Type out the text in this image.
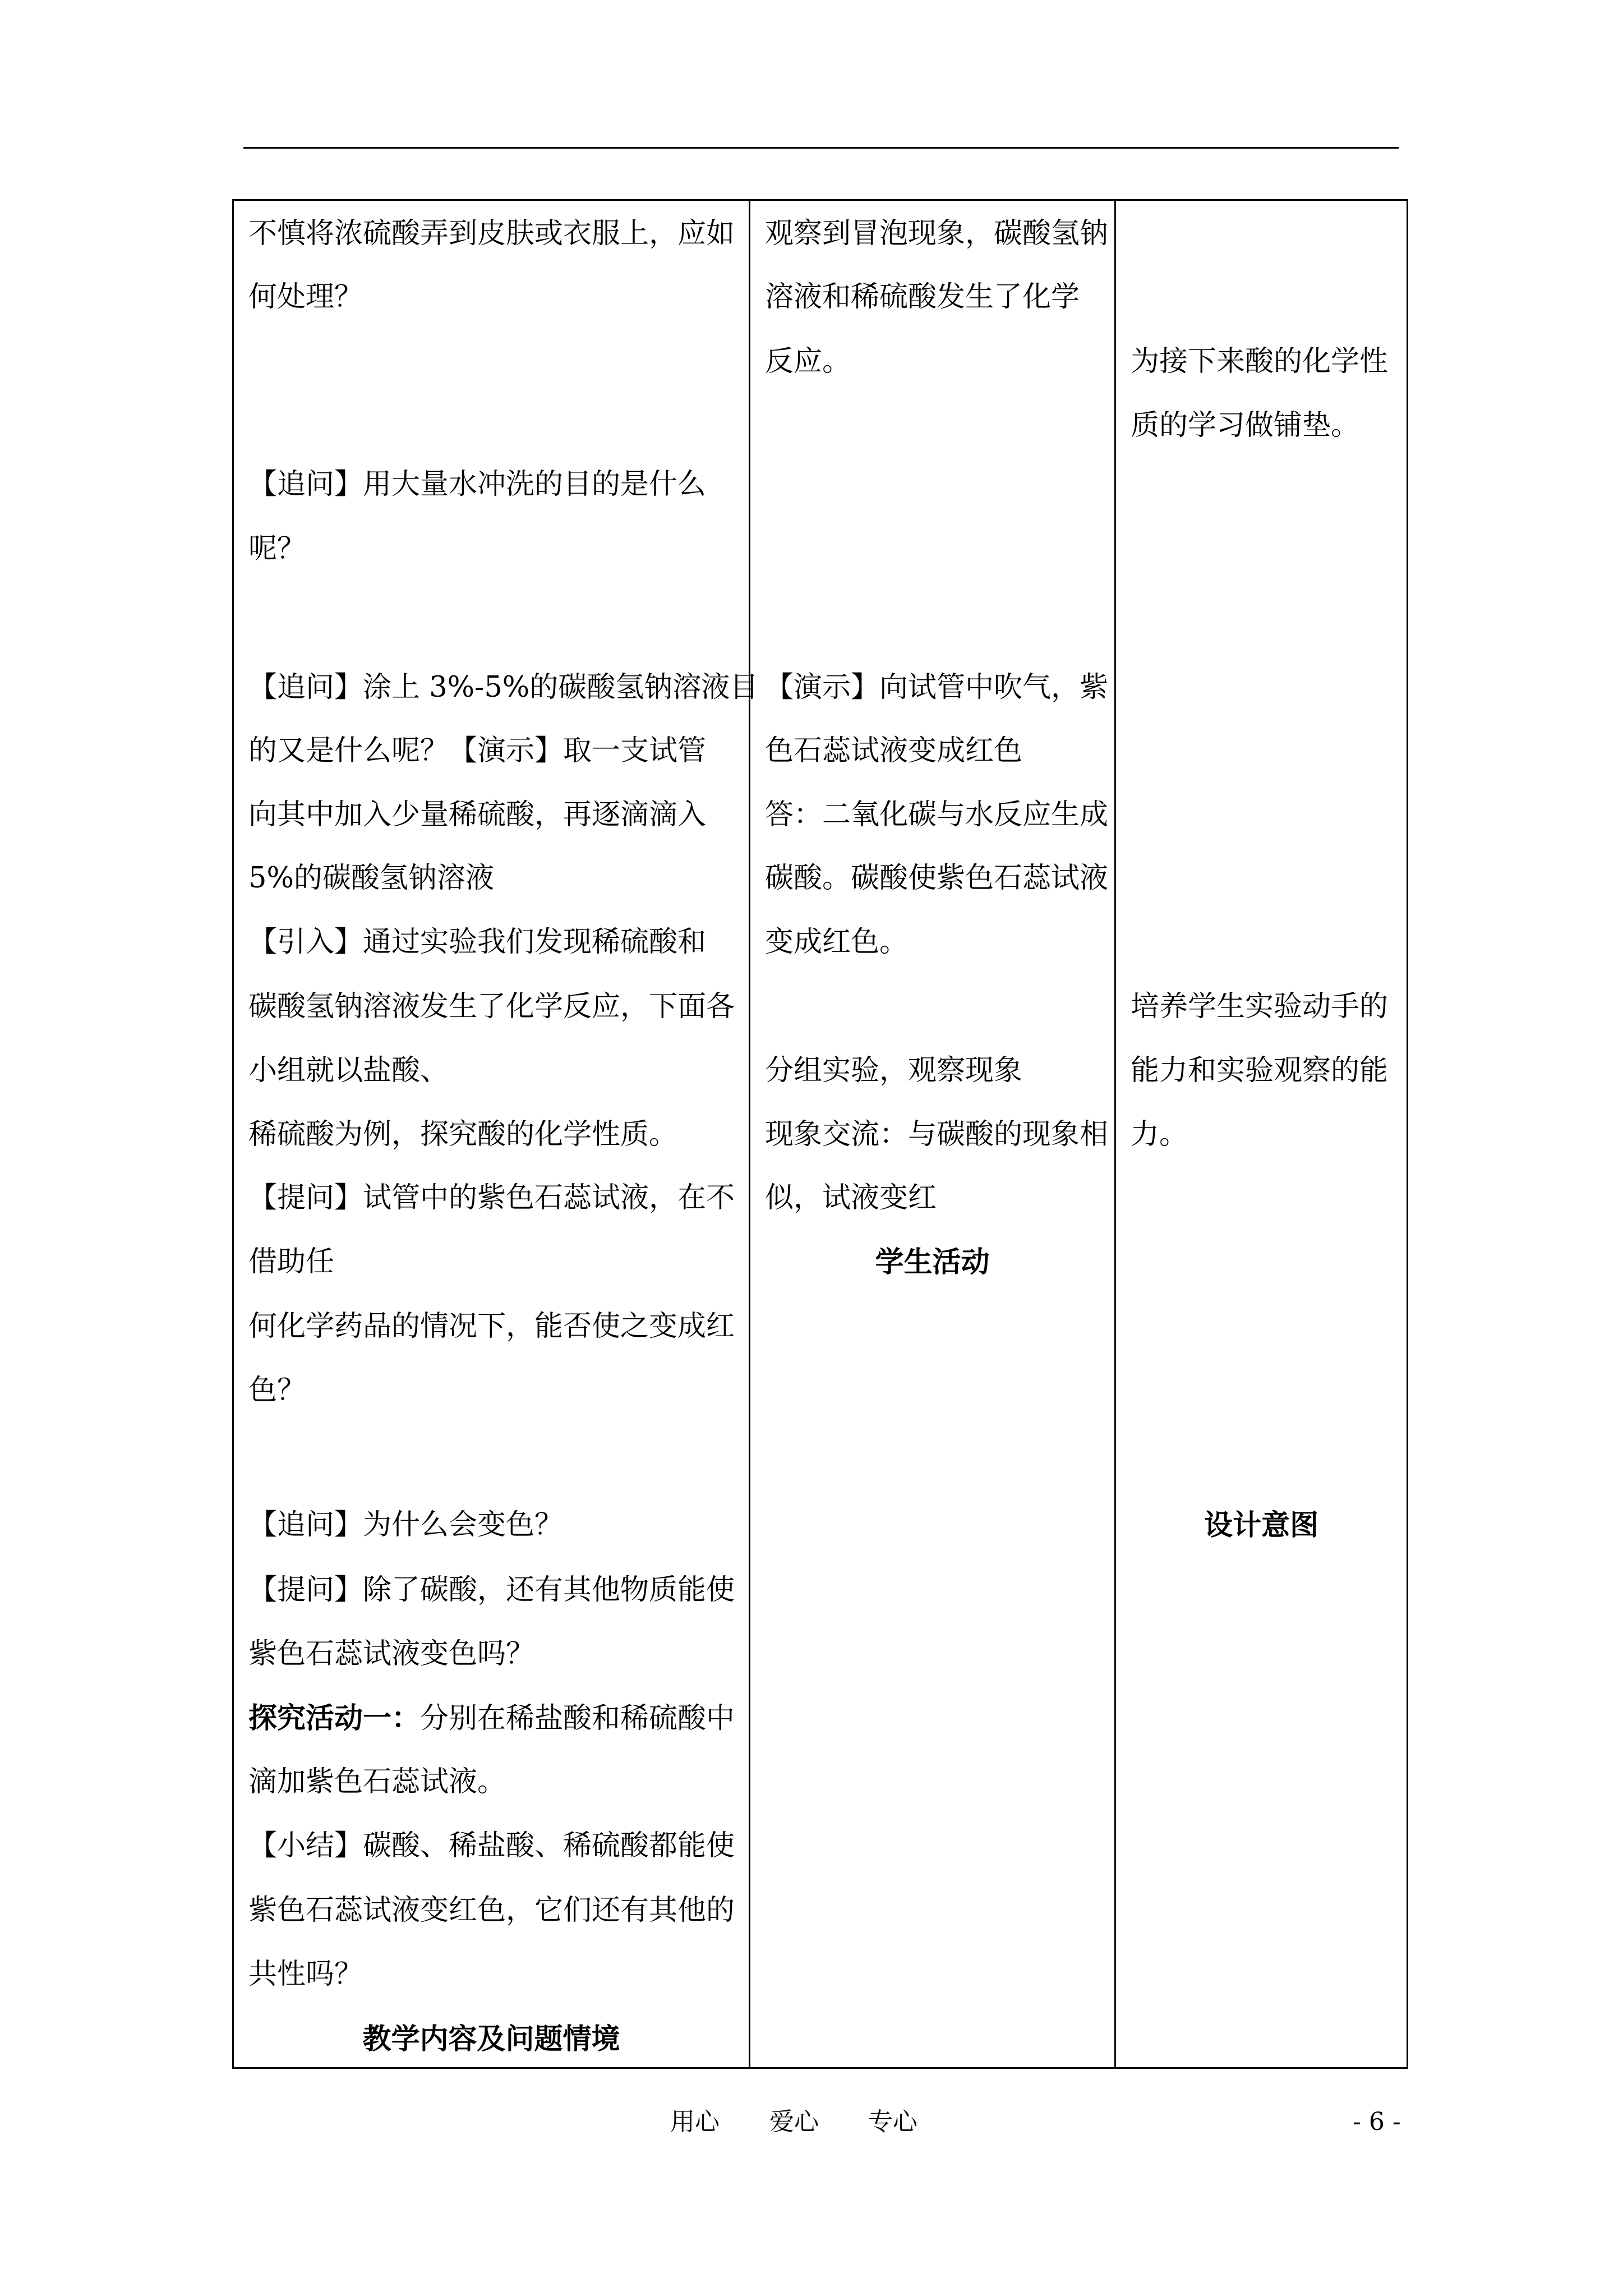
不慎将浓硫酸弄到皮肤或衣服上，应如
何处理？
【追问】用大量水冲洗的目的是什么
呢？
【追问】涂上 3%-5%的碳酸氢钠溶液目
的又是什么呢？【演示】取一支试管
向其中加入少量稀硫酸，再逐滴滴入
5%的碳酸氢钠溶液
【引入】通过实验我们发现稀硫酸和
碳酸氢钠溶液发生了化学反应，下面各
小组就以盐酸、
稀硫酸为例，探究酸的化学性质。
【提问】试管中的紫色石蕊试液，在不
借助任
何化学药品的情况下，能否使之变成红
色？
【追问】为什么会变色？
【提问】除了碳酸，还有其他物质能使
紫色石蕊试液变色吗？
探究活动一：分别在稀盐酸和稀硫酸中
滴加紫色石蕊试液。
【小结】碳酸、稀盐酸、稀硫酸都能使
紫色石蕊试液变红色，它们还有其他的
共性吗？
教学内容及问题情境
观察到冒泡现象，碳酸氢钠
溶液和稀硫酸发生了化学
反应。
【演示】向试管中吹气，紫
色石蕊试液变成红色
答：二氧化碳与水反应生成
碳酸。碳酸使紫色石蕊试液
变成红色。
分组实验，观察现象
现象交流：与碳酸的现象相
似，试液变红
学生活动
为接下来酸的化学性
质的学习做铺垫。
培养学生实验动手的
能力和实验观察的能
力。
设计意图
用心 爱心 专心	- 6 -
